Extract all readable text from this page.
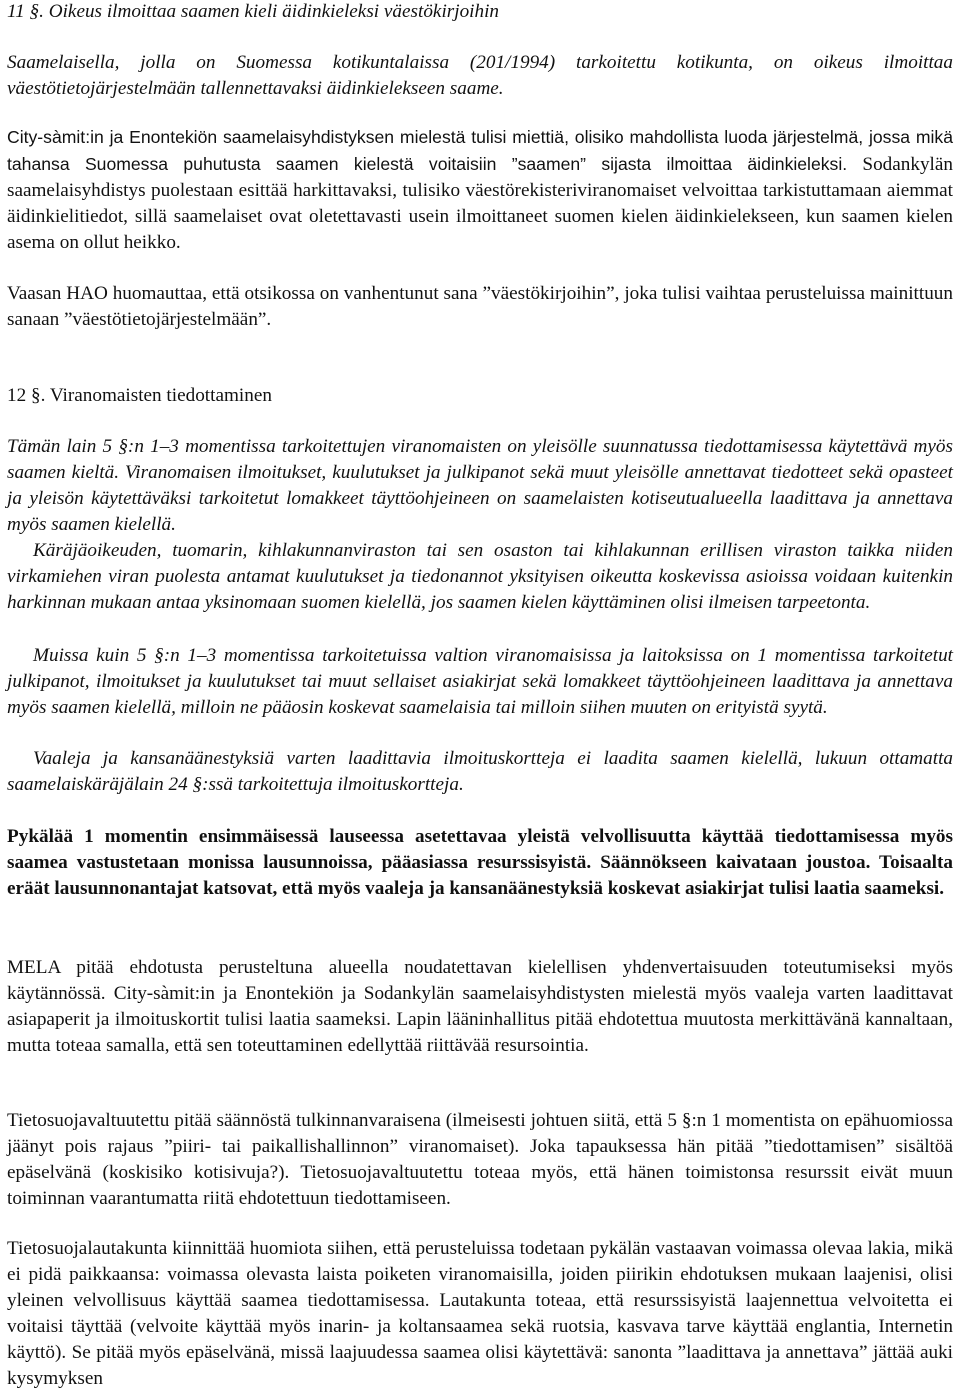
11 §. Oikeus ilmoittaa saamen kieli äidinkieleksi väestökirjoihin

Saamelaisella, jolla on Suomessa kotikuntalaissa (201/1994) tarkoitettu kotikunta, on oikeus ilmoittaa
väestötietojärjestelmään tallennettavaksi äidinkielekseen saame.

City-sàmit:in ja Enontekiön saamelaisyhdistyksen mielestä tulisi miettiä, olisiko mahdollista luoda järjestelmä, jossa mikä tahansa Suomessa puhutusta saamen kielestä voitaisiin ”saamen” sijasta ilmoittaa äidinkieleksi. Sodankylän saamelaisyhdistys puolestaan esittää harkittavaksi, tulisiko väestörekisteriviranomaiset velvoittaa tarkistuttamaan aiemmat äidinkielitiedot, sillä saamelaiset ovat oletettavasti usein ilmoittaneet suomen kielen äidinkielekseen, kun saamen kielen asema on ollut heikko.

Vaasan HAO huomauttaa, että otsikossa on vanhentunut sana ”väestökirjoihin”, joka tulisi vaihtaa perusteluissa mainittuun sanaan ”väestötietojärjestelmään”.

12 §. Viranomaisten tiedottaminen

Tämän lain 5 §:n 1–3 momentissa tarkoitettujen viranomaisten on yleisölle suunnatussa tiedottamisessa käytettävä myös saamen kieltä. Viranomaisen ilmoitukset, kuulutukset ja julkipanot sekä muut yleisölle annettavat tiedotteet sekä opasteet ja yleisön käytettäväksi tarkoitetut lomakkeet täyttöohjeineen on saamelaisten kotiseutualueella laadittava ja annettava myös saamen kielellä.

Käräjäoikeuden, tuomarin, kihlakunnanviraston tai sen osaston tai kihlakunnan erillisen viraston taikka niiden virkamiehen viran puolesta antamat kuulutukset ja tiedonannot yksityisen oikeutta koskevissa asioissa voidaan kuitenkin harkinnan mukaan antaa yksinomaan suomen kielellä, jos saamen kielen käyttäminen olisi ilmeisen tarpeetonta.

Muissa kuin 5 §:n 1–3 momentissa tarkoitetuissa valtion viranomaisissa ja laitoksissa on 1 momentissa tarkoitetut julkipanot, ilmoitukset ja kuulutukset tai muut sellaiset asiakirjat sekä lomakkeet täyttöohjeineen laadittava ja annettava myös saamen kielellä, milloin ne pääosin koskevat saamelaisia tai milloin siihen muuten on erityistä syytä.

Vaaleja ja kansanäänestyksiä varten laadittavia ilmoituskortteja ei laadita saamen kielellä, lukuun ottamatta saamelaiskäräjälain 24 §:ssä tarkoitettuja ilmoituskortteja.

Pykälää 1 momentin ensimmäisessä lauseessa asetettavaa yleistä velvollisuutta käyttää tiedottamisessa myös saamea vastustetaan monissa lausunnoissa, pääasiassa resurssisyistä. Säännökseen kaivataan joustoa. Toisaalta eräät lausunnonantajat katsovat, että myös vaaleja ja kansanäänestyksiä koskevat asiakirjat tulisi laatia saameksi.

MELA pitää ehdotusta perusteltuna alueella noudatettavan kielellisen yhdenvertaisuuden toteutumiseksi myös käytännössä. City-sàmit:in ja Enontekiön ja Sodankylän saamelaisyhdistysten mielestä myös vaaleja varten laadittavat asiapaperit ja ilmoituskortit tulisi laatia saameksi. Lapin lääninhallitus pitää ehdotettua muutosta merkittävänä kannaltaan, mutta toteaa samalla, että sen toteuttaminen edellyttää riittävää resursointia.

Tietosuojavaltuutettu pitää säännöstä tulkinnanvaraisena (ilmeisesti johtuen siitä, että 5 §:n 1 momentista on epähuomiossa jäänyt pois rajaus ”piiri- tai paikallishallinnon” viranomaiset). Joka tapauksessa hän pitää ”tiedottamisen” sisältöä epäselvänä (koskisiko kotisivuja?). Tietosuojavaltuutettu toteaa myös, että hänen toimistonsa resurssit eivät muun toiminnan vaarantumatta riitä ehdotettuun tiedottamiseen.

Tietosuojalautakunta kiinnittää huomiota siihen, että perusteluissa todetaan pykälän vastaavan voimassa olevaa lakia, mikä ei pidä paikkaansa: voimassa olevasta laista poiketen viranomaisilla, joiden piirikin ehdotuksen mukaan laajenisi, olisi yleinen velvollisuus käyttää saamea tiedottamisessa. Lautakunta toteaa, että resurssisyistä laajennettua velvoitetta ei voitaisi täyttää (velvoite käyttää myös inarin- ja koltansaamea sekä ruotsia, kasvava tarve käyttää englantia, Internetin käyttö). Se pitää myös epäselvänä, missä laajuudessa saamea olisi käytettävä: sanonta ”laadittava ja annettava” jättää auki kysymyksen
